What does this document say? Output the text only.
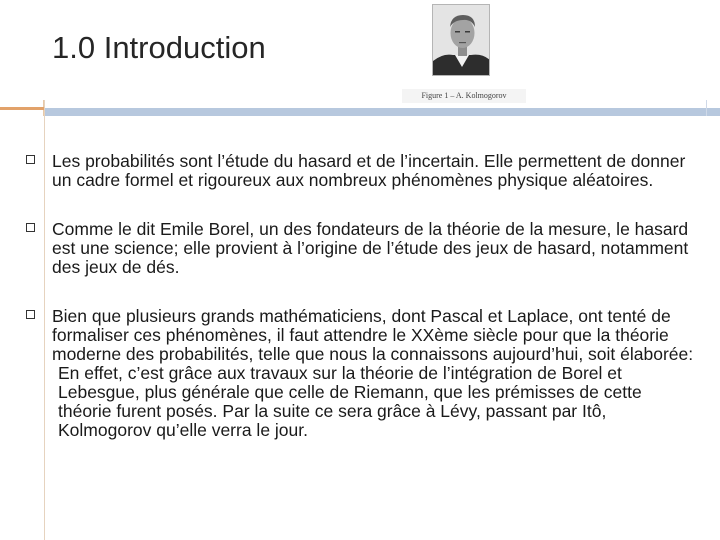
1.0 Introduction
Figure 1 – A. Kolmogorov
Les probabilités sont l’étude du hasard et de l’incertain. Elle permettent de donner un cadre formel et rigoureux aux nombreux phénomènes physique aléatoires.
Comme le dit Emile Borel, un des fondateurs de la théorie de la mesure, le hasard est une science; elle provient à l’origine de l’étude des jeux de hasard, notamment des jeux de dés.
Bien que plusieurs grands mathématiciens, dont Pascal et Laplace, ont tenté de formaliser ces phénomènes, il faut attendre le XXème siècle pour que la théorie moderne des probabilités, telle que nous la connaissons aujourd’hui, soit élaborée:
En effet, c’est grâce aux travaux sur la théorie de l’intégration de Borel et Lebesgue, plus générale que celle de Riemann, que les prémisses de cette théorie furent posés. Par la suite ce sera grâce à Lévy, passant par Itô, Kolmogorov qu’elle verra le jour.
